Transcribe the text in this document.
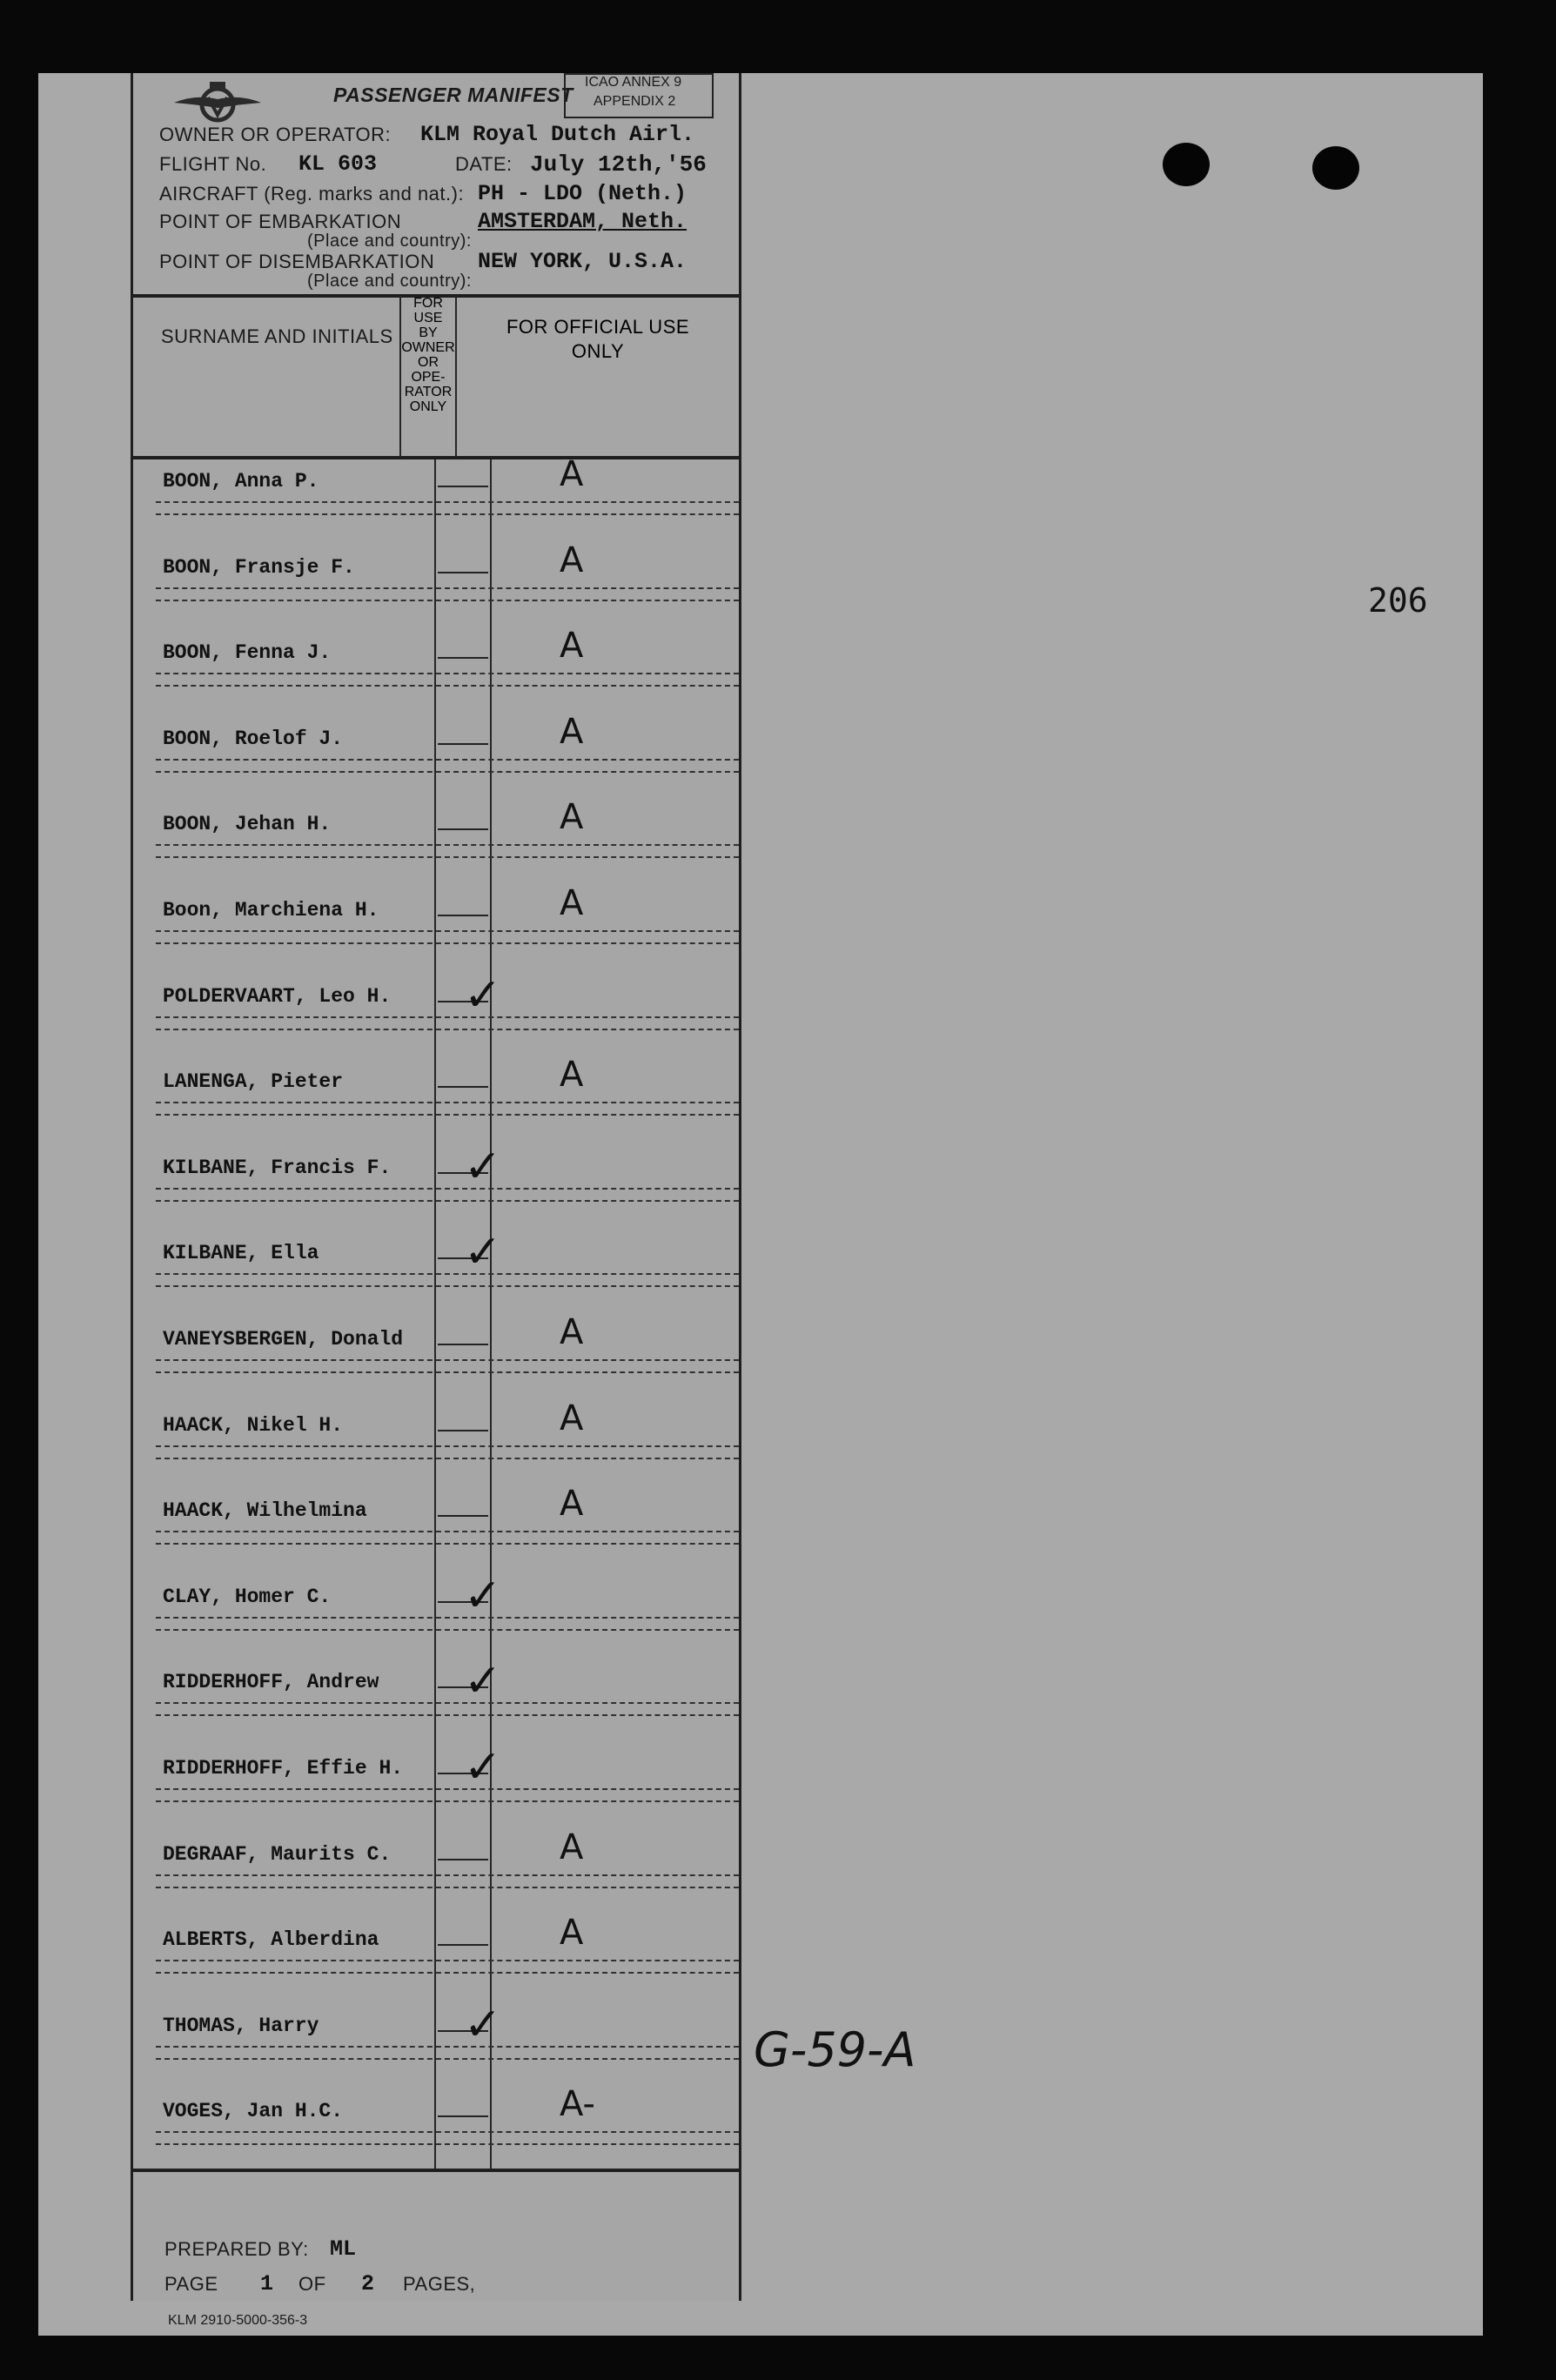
PASSENGER MANIFEST
ICAO ANNEX 9
APPENDIX 2
OWNER OR OPERATOR: KLM Royal Dutch Airl.
FLIGHT No. KL 603	DATE: July 12th,'56
AIRCRAFT (Reg. marks and nat.): PH - LDO (Neth.)
POINT OF EMBARKATION	AMSTERDAM, Neth.
(Place and country):
POINT OF DISEMBARKATION NEW YORK, U.S.A.
(Place and country):
SURNAME AND INITIALS
FOR USE
BY
OWNER
OR OPE-
RATOR
ONLY
FOR OFFICIAL USE
ONLY
BOON, Anna P.	A
BOON, Fransje F.	A
BOON, Fenna J.	A
BOON, Roelof J.	A
BOON, Jehan H.	A
Boon, Marchiena H.	A
POLDERVAART, Leo H. ✓
LANENGA, Pieter	A
KILBANE, Francis F. ✓
KILBANE, Ella	✓
VANEYSBERGEN, Donald	A
HAACK, Nikel H.	A
HAACK, Wilhelmina	A
CLAY, Homer C.	✓
RIDDERHOFF, Andrew ✓
RIDDERHOFF, Effie H. ✓
DEGRAAF, Maurits C.	A
ALBERTS, Alberdina	A
THOMAS, Harry	✓
VOGES, Jan H.C.	A-
PREPARED BY: ML
PAGE 1 OF 2 PAGES,
KLM 2910-5000-356-3
206
G-59-A
